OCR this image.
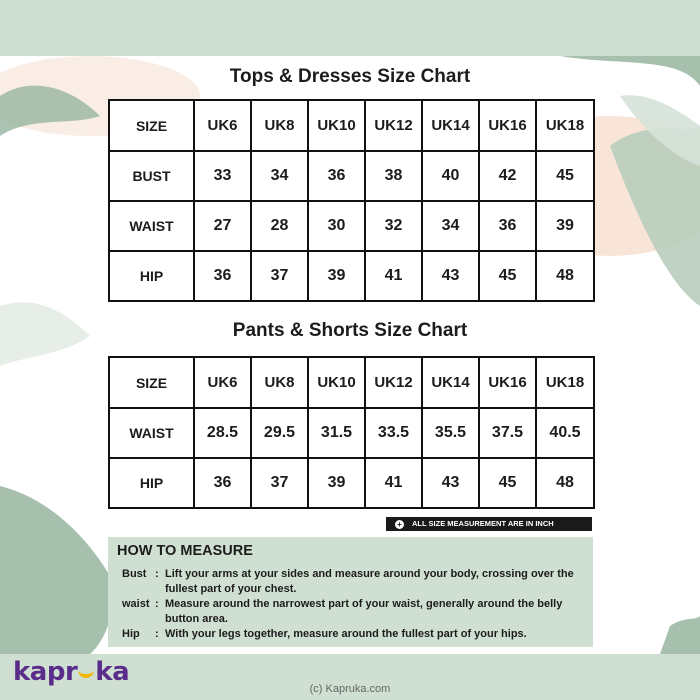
Tops & Dresses Size Chart
SIZE	UK6	UK8	UK10	UK12	UK14	UK16	UK18
BUST	33	34	36	38	40	42	45
WAIST	27	28	30	32	34	36	39
HIP	36	37	39	41	43	45	48
Pants & Shorts Size Chart
SIZE	UK6	UK8	UK10	UK12	UK14	UK16	UK18
WAIST	28.5	29.5	31.5	33.5	35.5	37.5	40.5
HIP	36	37	39	41	43	45	48
+ ALL SIZE MEASUREMENT ARE IN INCH
HOW TO MEASURE
Bust : Lift your arms at your sides and measure around your body, crossing over the
fullest part of your chest.
waist : Measure around the narrowest part of your waist, generally around the belly
button area.
Hip : With your legs together, measure around the fullest part of your hips.
kapr ka
(c) Kapruka.com
